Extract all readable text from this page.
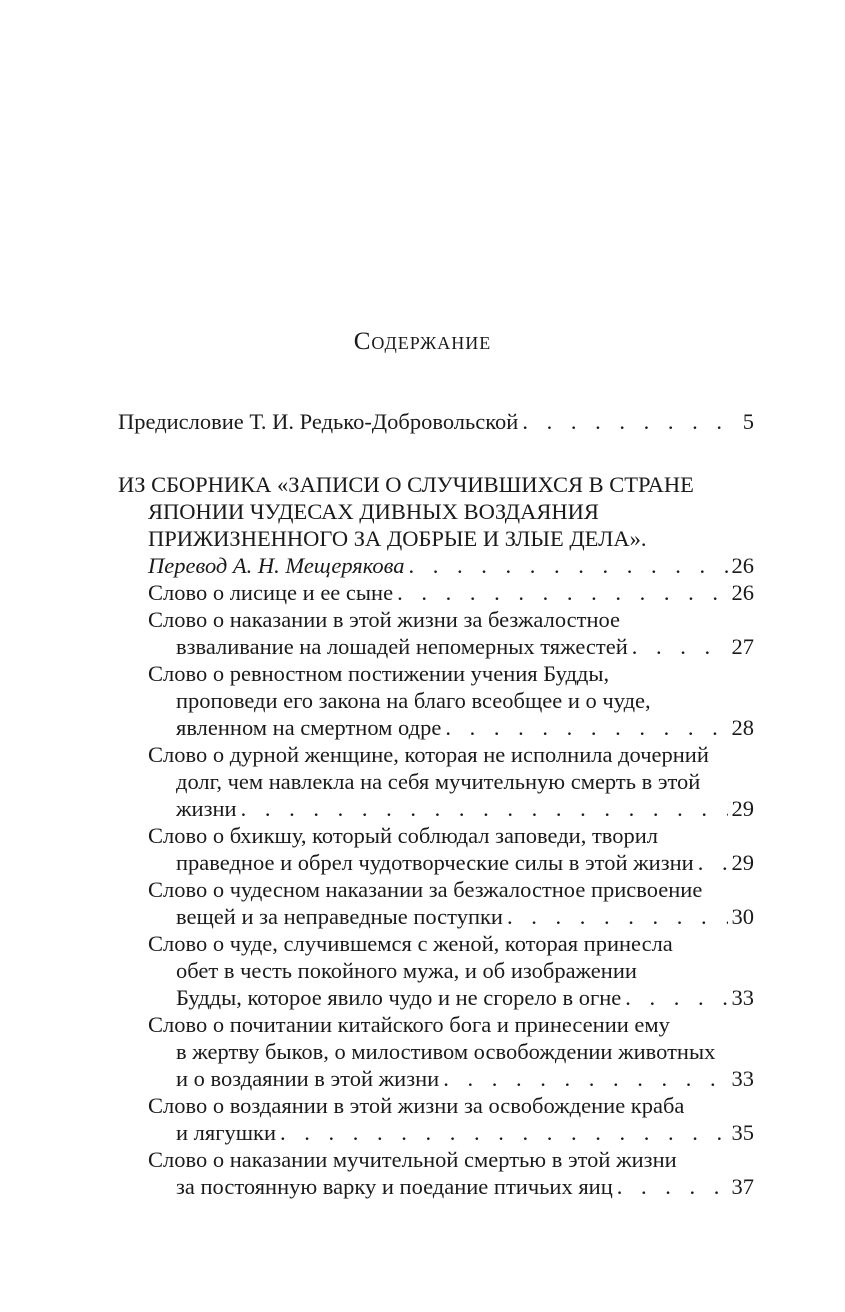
Содержание
Предисловие Т. И. Редько-Добровольской . . .	5
ИЗ СБОРНИКА «ЗАПИСИ О СЛУЧИВШИХСЯ В СТРАНЕ
ЯПОНИИ ЧУДЕСАХ ДИВНЫХ ВОЗДАЯНИЯ
ПРИЖИЗНЕННОГО ЗА ДОБРЫЕ И ЗЛЫЕ ДЕЛА».
Перевод А. Н. Мещерякова . . .	26
Слово о лисице и ее сыне . . .	26
Слово о наказании в этой жизни за безжалостное
взваливание на лошадей непомерных тяжестей . . .	27
Слово о ревностном постижении учения Будды,
проповеди его закона на благо всеобщее и о чуде,
явленном на смертном одре . . .	28
Слово о дурной женщине, которая не исполнила дочерний
долг, чем навлекла на себя мучительную смерть в этой
жизни . . .	29
Слово о бхикшу, который соблюдал заповеди, творил
праведное и обрел чудотворческие силы в этой жизни . . . 29
Слово о чудесном наказании за безжалостное присвоение
вещей и за неправедные поступки . . .	30
Слово о чуде, случившемся с женой, которая принесла
обет в честь покойного мужа, и об изображении
Будды, которое явило чудо и не сгорело в огне . . .	33
Слово о почитании китайского бога и принесении ему
в жертву быков, о милостивом освобождении животных
и о воздаянии в этой жизни . . .	33
Слово о воздаянии в этой жизни за освобождение краба
и лягушки . . .	35
Слово о наказании мучительной смертью в этой жизни
за постоянную варку и поедание птичьих яиц . . .	37
